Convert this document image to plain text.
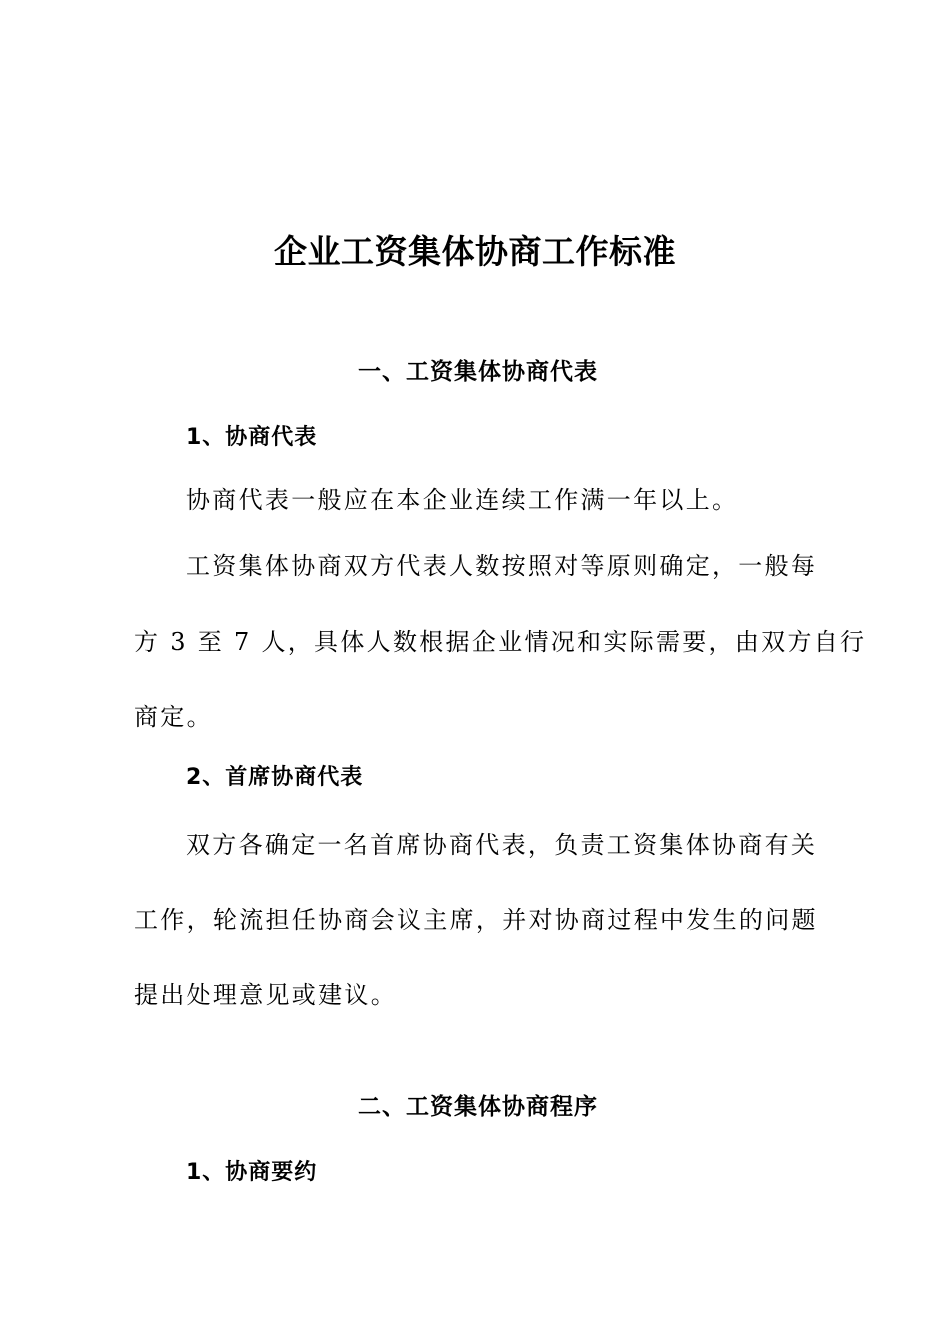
企业工资集体协商工作标准
一、工资集体协商代表
1、协商代表
协商代表一般应在本企业连续工作满一年以上。
工资集体协商双方代表人数按照对等原则确定，一般每
方 3 至 7 人，具体人数根据企业情况和实际需要，由双方自行
商定。
2、首席协商代表
双方各确定一名首席协商代表，负责工资集体协商有关
工作，轮流担任协商会议主席，并对协商过程中发生的问题
提出处理意见或建议。
二、工资集体协商程序
1、协商要约
